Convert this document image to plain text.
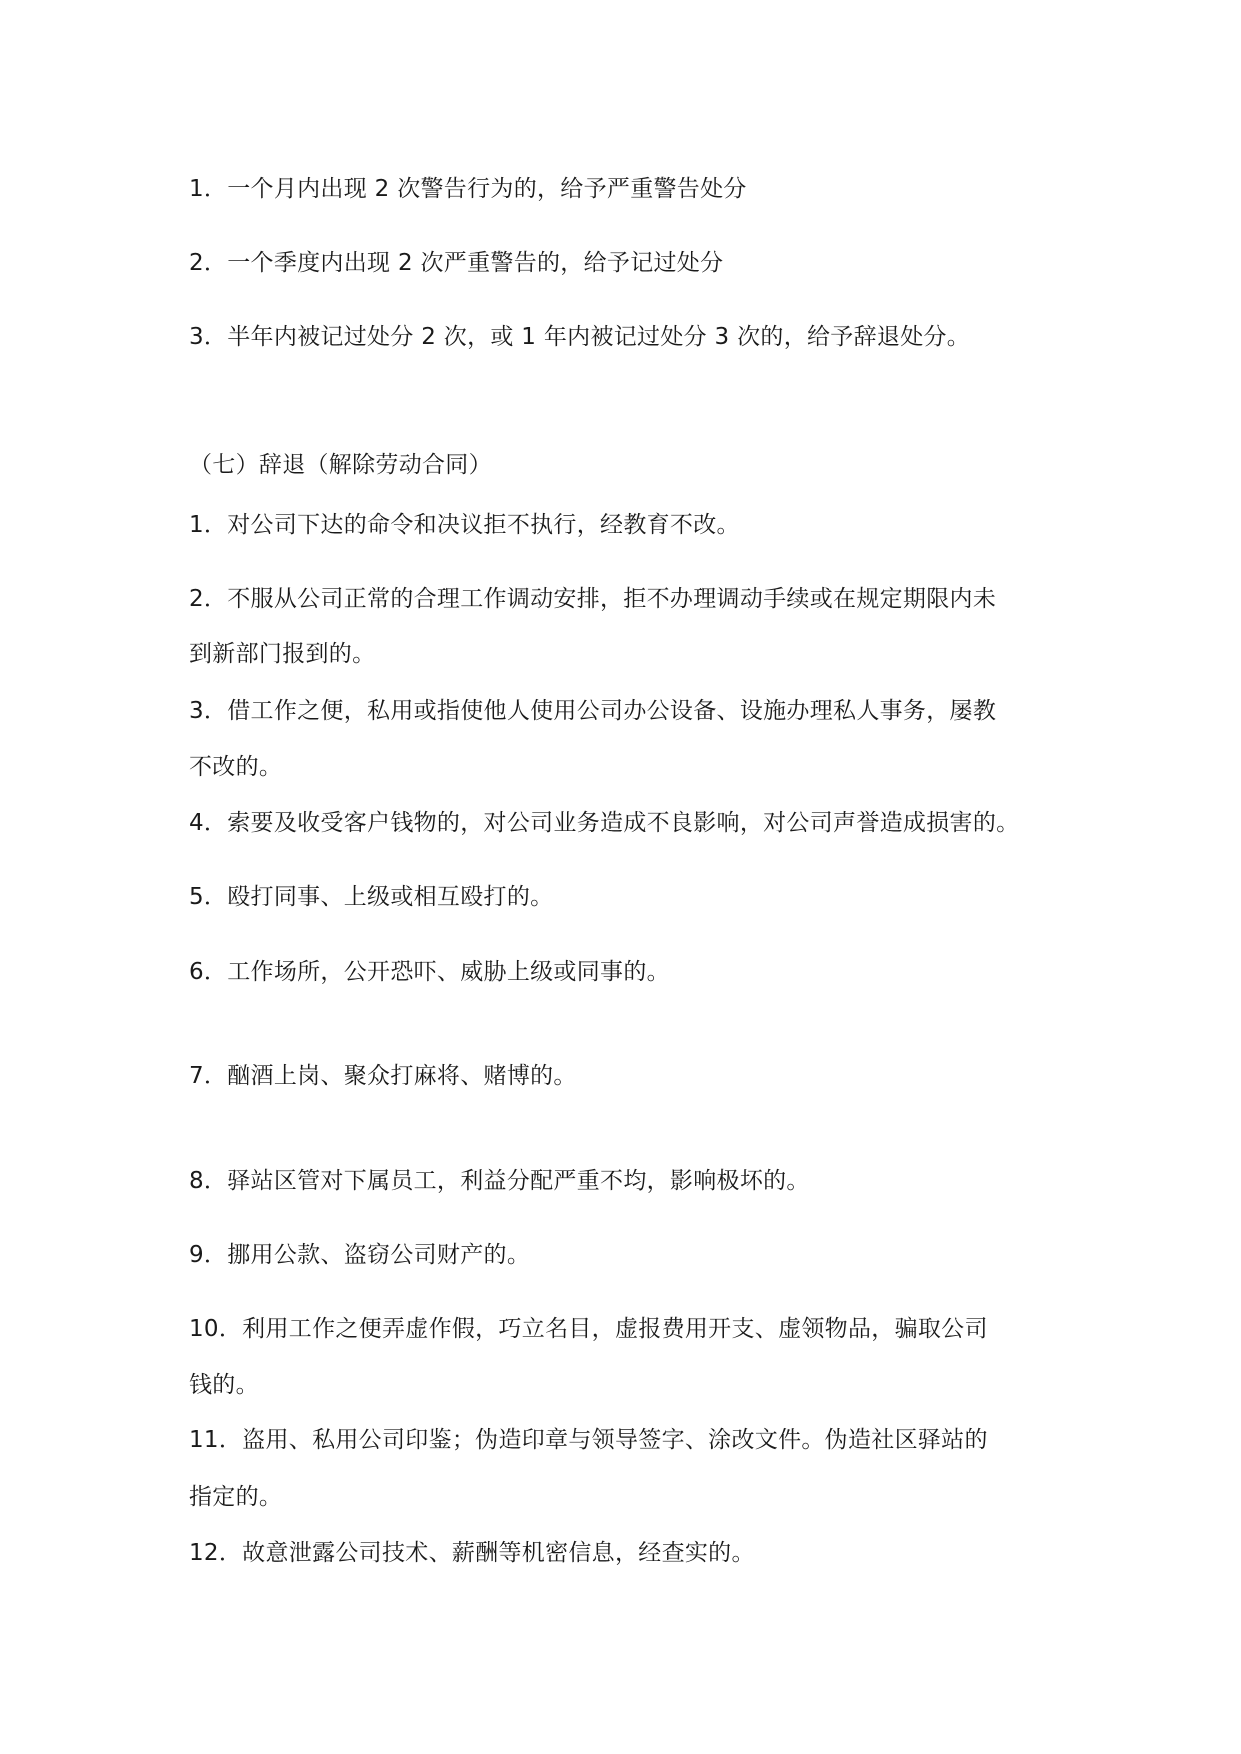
1．一个月内出现 2 次警告行为的，给予严重警告处分
2．一个季度内出现 2 次严重警告的，给予记过处分
3．半年内被记过处分 2 次，或 1 年内被记过处分 3 次的，给予辞退处分。
（七）辞退（解除劳动合同）
1．对公司下达的命令和决议拒不执行，经教育不改。
2．不服从公司正常的合理工作调动安排，拒不办理调动手续或在规定期限内未
到新部门报到的。
3．借工作之便，私用或指使他人使用公司办公设备、设施办理私人事务，屡教
不改的。
4．索要及收受客户钱物的，对公司业务造成不良影响，对公司声誉造成损害的。
5．殴打同事、上级或相互殴打的。
6．工作场所，公开恐吓、威胁上级或同事的。
7．酗酒上岗、聚众打麻将、赌博的。
8．驿站区管对下属员工，利益分配严重不均，影响极坏的。
9．挪用公款、盗窃公司财产的。
10．利用工作之便弄虚作假，巧立名目，虚报费用开支、虚领物品，骗取公司
钱的。
11．盗用、私用公司印鉴；伪造印章与领导签字、涂改文件。伪造社区驿站的
指定的。
12．故意泄露公司技术、薪酬等机密信息，经查实的。
